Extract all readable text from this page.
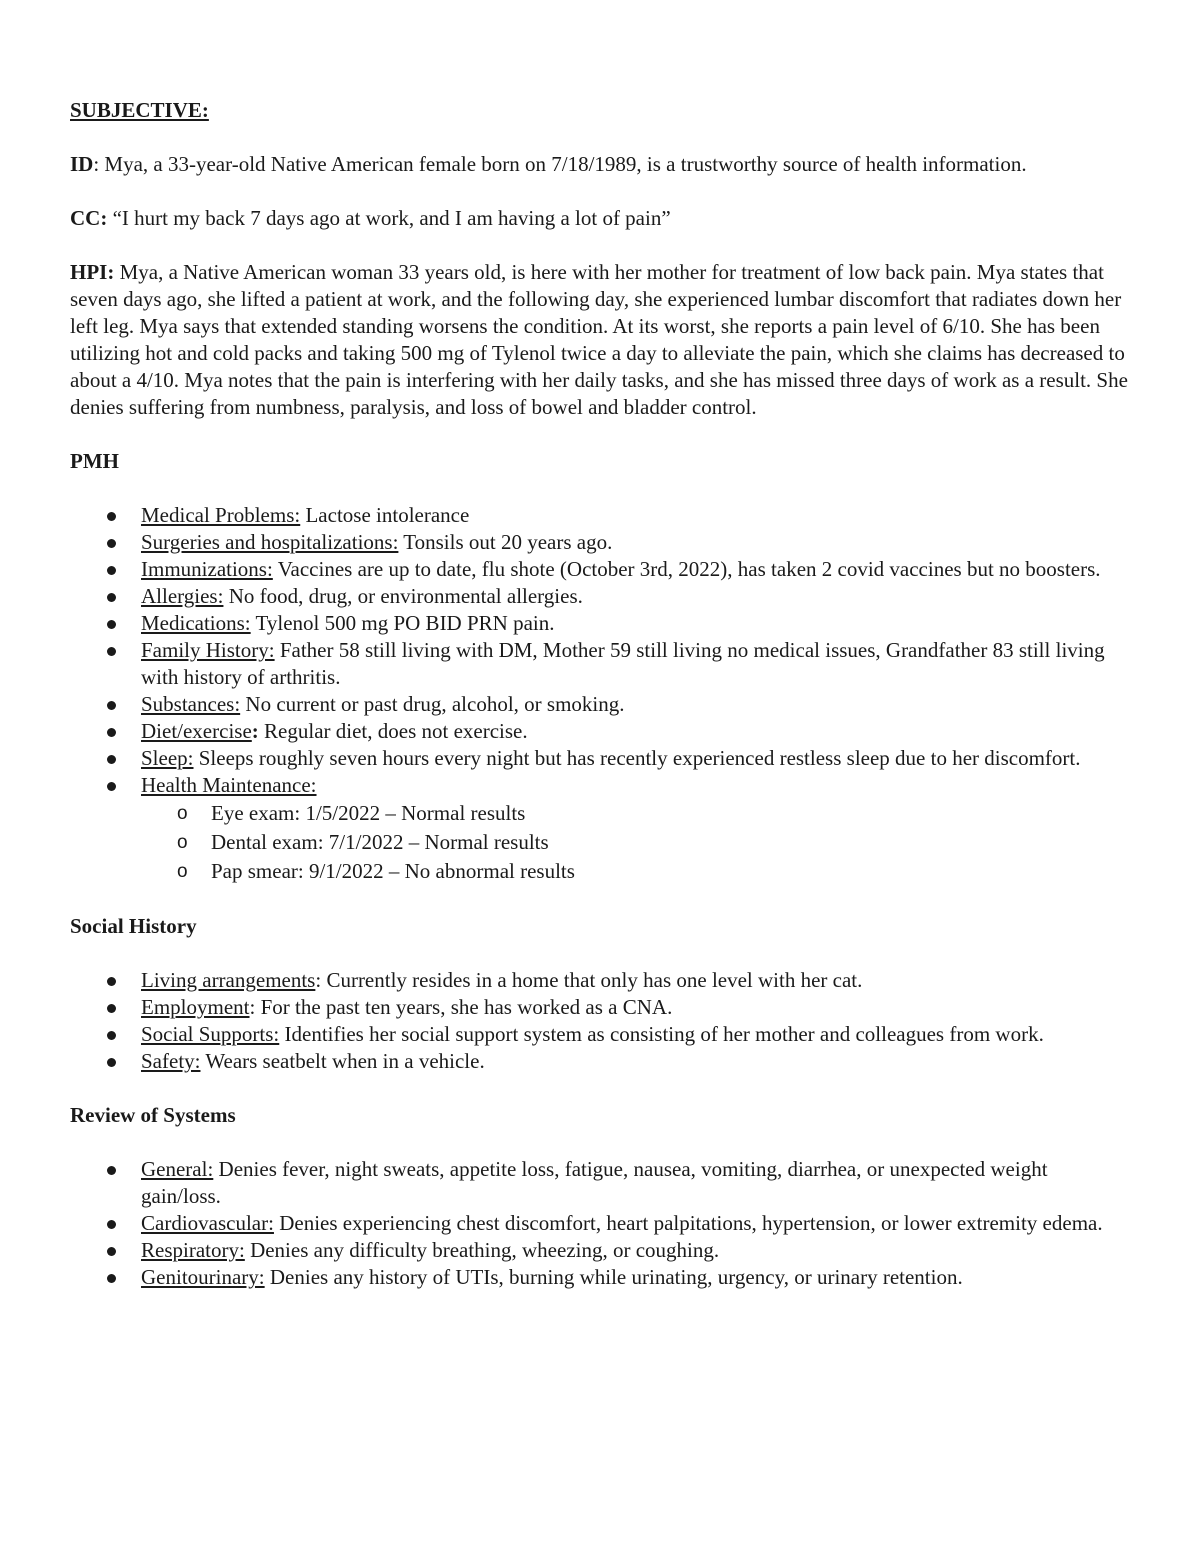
SUBJECTIVE:
ID: Mya, a 33-year-old Native American female born on 7/18/1989, is a trustworthy source of health information.
CC: “I hurt my back 7 days ago at work, and I am having a lot of pain”
HPI: Mya, a Native American woman 33 years old, is here with her mother for treatment of low back pain. Mya states that seven days ago, she lifted a patient at work, and the following day, she experienced lumbar discomfort that radiates down her left leg. Mya says that extended standing worsens the condition. At its worst, she reports a pain level of 6/10. She has been utilizing hot and cold packs and taking 500 mg of Tylenol twice a day to alleviate the pain, which she claims has decreased to about a 4/10. Mya notes that the pain is interfering with her daily tasks, and she has missed three days of work as a result. She denies suffering from numbness, paralysis, and loss of bowel and bladder control.
PMH
Medical Problems: Lactose intolerance
Surgeries and hospitalizations: Tonsils out 20 years ago.
Immunizations: Vaccines are up to date, flu shote (October 3rd, 2022), has taken 2 covid vaccines but no boosters.
Allergies: No food, drug, or environmental allergies.
Medications: Tylenol 500 mg PO BID PRN pain.
Family History: Father 58 still living with DM, Mother 59 still living no medical issues, Grandfather 83 still living with history of arthritis.
Substances: No current or past drug, alcohol, or smoking.
Diet/exercise: Regular diet, does not exercise.
Sleep: Sleeps roughly seven hours every night but has recently experienced restless sleep due to her discomfort.
Health Maintenance:
o Eye exam: 1/5/2022 – Normal results
o Dental exam: 7/1/2022 – Normal results
o Pap smear: 9/1/2022 – No abnormal results
Social History
Living arrangements: Currently resides in a home that only has one level with her cat.
Employment: For the past ten years, she has worked as a CNA.
Social Supports: Identifies her social support system as consisting of her mother and colleagues from work.
Safety: Wears seatbelt when in a vehicle.
Review of Systems
General: Denies fever, night sweats, appetite loss, fatigue, nausea, vomiting, diarrhea, or unexpected weight gain/loss.
Cardiovascular: Denies experiencing chest discomfort, heart palpitations, hypertension, or lower extremity edema.
Respiratory: Denies any difficulty breathing, wheezing, or coughing.
Genitourinary: Denies any history of UTIs, burning while urinating, urgency, or urinary retention.
